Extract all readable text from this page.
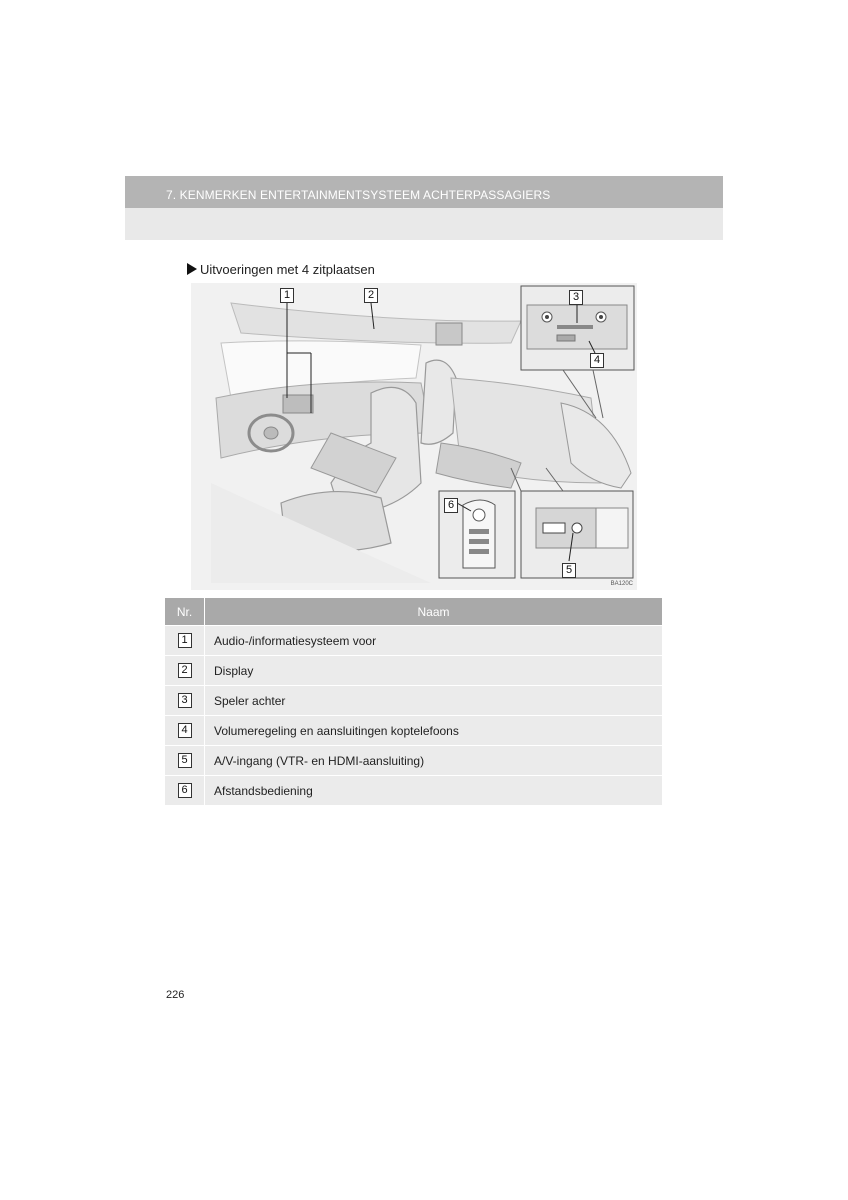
7. KENMERKEN ENTERTAINMENTSYSTEEM ACHTERPASSAGIERS
Uitvoeringen met 4 zitplaatsen
1	2	3
4
5
6
BA120C
Nr.	Naam
1	Audio-/informatiesysteem voor
2	Display
3	Speler achter
4	Volumeregeling en aansluitingen koptelefoons
5	A/V-ingang (VTR- en HDMI-aansluiting)
6	Afstandsbediening
226
